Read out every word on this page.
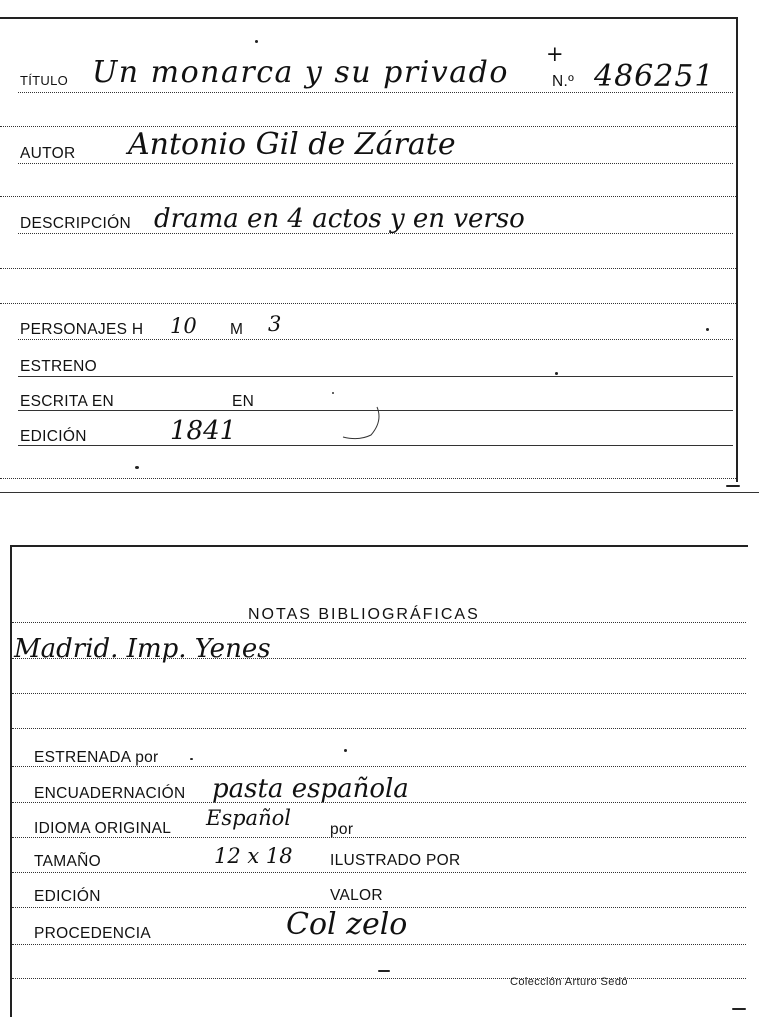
TÍTULO Un monarca y su privado
+
N.º 486251
AUTOR Antonio Gil de Zárate
DESCRIPCIÓN drama en 4 actos y en verso
PERSONAJES H 10 M 3
ESTRENO
ESCRITA EN	EN
EDICIÓN	1841
NOTAS BIBLIOGRÁFICAS
Madrid. Imp. Yenes
ESTRENADA por
ENCUADERNACIÓN pasta española
IDIOMA ORIGINAL Español	por
TAMAÑO	12 x 18 ILUSTRADO POR
EDICIÓN	VALOR
PROCEDENCIA	Col zelo
Colección Arturo Sedó
